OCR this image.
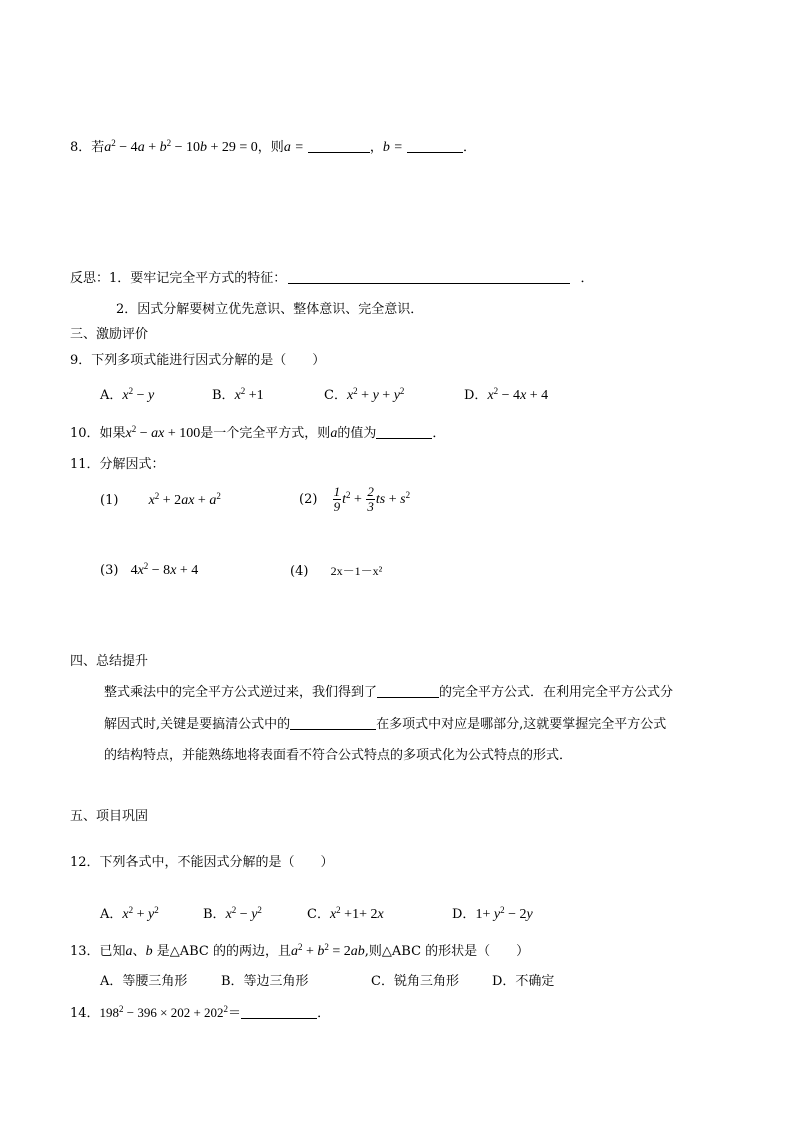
8．若$a^2 - 4a + b^2 - 10b + 29 = 0$，则a =	，b =	．
反思：1．要牢记完全平方式的特征：	．
2．因式分解要树立优先意识、整体意识、完全意识．
三、激励评价
9．下列多项式能进行因式分解的是（　　）
A．$x^2 - y$	B．$x^2 +1$	C．$x^2 + y + y^2$	D．$x^2 - 4x + 4$
10．如果$x^2$ − ax + 100是一个完全平方式，则a的值为	．
11．分解因式：
(1) $x^2 + 2ax + a^2$	$(2) \frac{1}{9} t^2 + \frac{2}{3}$ ts + $s^2$
(3) $4x^2 - 8x + 4$	(4) 2x－1－x²
四、总结提升
整式乘法中的完全平方公式逆过来，我们得到了	的完全平方公式．在利用完全平方公式分
解因式时,关键是要搞清公式中的	在多项式中对应是哪部分,这就要掌握完全平方公式
的结构特点，并能熟练地将表面看不符合公式特点的多项式化为公式特点的形式．
五、项目巩固
12．下列各式中，不能因式分解的是（　　）
A．$x^2 + y^2$	B．$x^2 - y^2$	C．$x^2 +1+ 2x$	D．$1+ y^2 - 2y$
13．已知a、b 是△ABC 的的两边，且$a^2 + b^2 = 2ab$,则△ABC 的形状是（　　）
A．等腰三角形	B．等边三角形	C．锐角三角形	D．不确定
14．$198^2 - 396 \times 202 + 202^2=$	．
